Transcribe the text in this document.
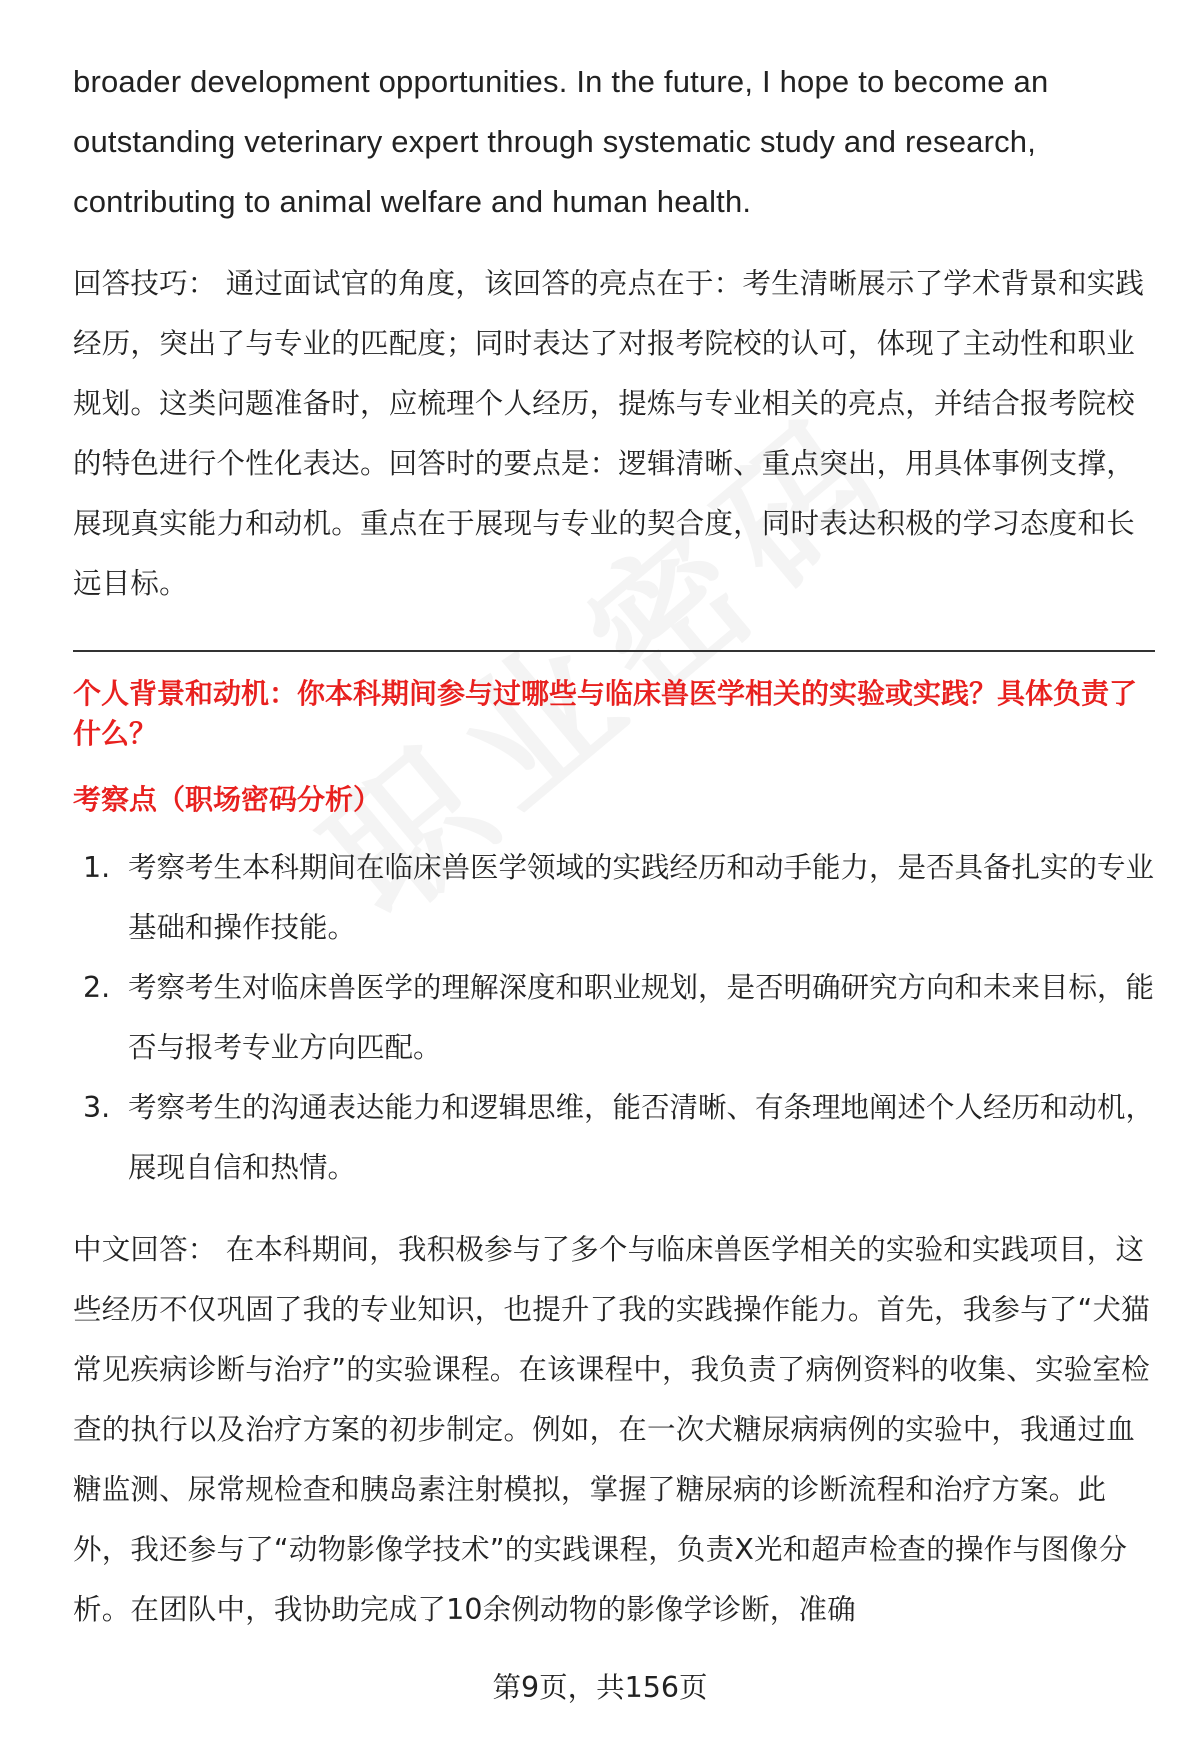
broader development opportunities. In the future, I hope to become an outstanding veterinary expert through systematic study and research, contributing to animal welfare and human health.

回答技巧： 通过面试官的角度，该回答的亮点在于：考生清晰展示了学术背景和实践经历，突出了与专业的匹配度；同时表达了对报考院校的认可，体现了主动性和职业规划。这类问题准备时，应梳理个人经历，提炼与专业相关的亮点，并结合报考院校的特色进行个性化表达。回答时的要点是：逻辑清晰、重点突出，用具体事例支撑，展现真实能力和动机。重点在于展现与专业的契合度，同时表达积极的学习态度和长远目标。

个人背景和动机：你本科期间参与过哪些与临床兽医学相关的实验或实践？具体负责了什么？

考察点（职场密码分析）

1. 考察考生本科期间在临床兽医学领域的实践经历和动手能力，是否具备扎实的专业基础和操作技能。
2. 考察考生对临床兽医学的理解深度和职业规划，是否明确研究方向和未来目标，能否与报考专业方向匹配。
3. 考察考生的沟通表达能力和逻辑思维，能否清晰、有条理地阐述个人经历和动机，展现自信和热情。

中文回答： 在本科期间，我积极参与了多个与临床兽医学相关的实验和实践项目，这些经历不仅巩固了我的专业知识，也提升了我的实践操作能力。首先，我参与了“犬猫常见疾病诊断与治疗”的实验课程。在该课程中，我负责了病例资料的收集、实验室检查的执行以及治疗方案的初步制定。例如，在一次犬糖尿病病例的实验中，我通过血糖监测、尿常规检查和胰岛素注射模拟，掌握了糖尿病的诊断流程和治疗方案。此外，我还参与了“动物影像学技术”的实践课程，负责X光和超声检查的操作与图像分析。在团队中，我协助完成了10余例动物的影像学诊断，准确

第9页，共156页
